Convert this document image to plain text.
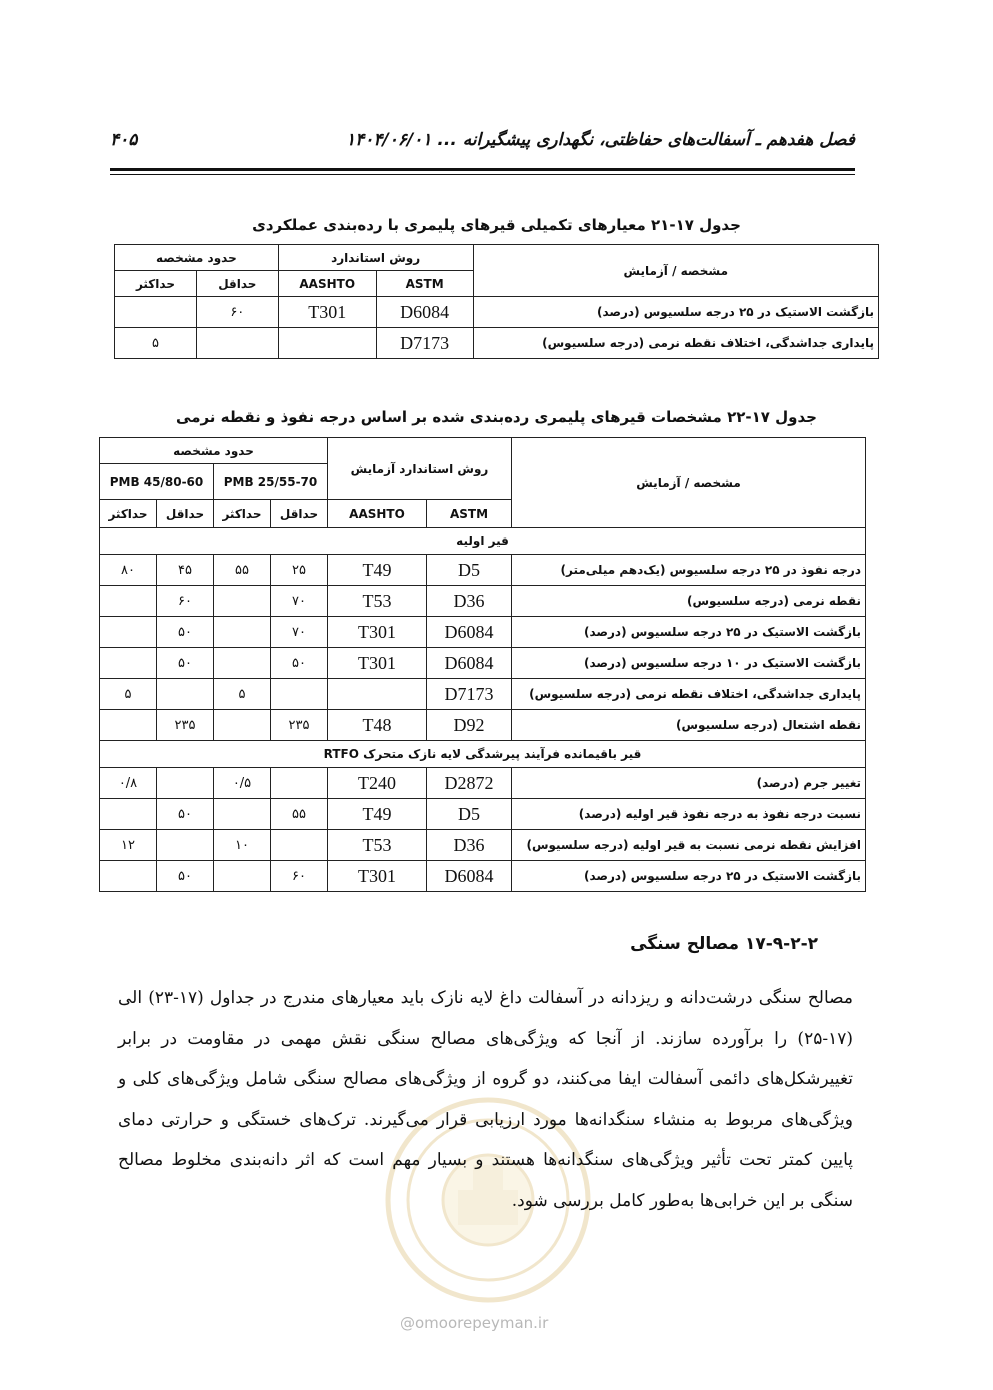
فصل هفدهم ـ آسفالت‌های حفاظتی، نگهداری پیشگیرانه ... ۱۴۰۴/۰۶/۰۱
۴۰۵
جدول ۱۷-۲۱ معیارهای تکمیلی قیرهای پلیمری با رده‌بندی عملکردی
مشخصه / آزمایش	روش استاندارد		حدود مشخصه	
	ASTM	AASHTO	حداقل	حداکثر
بازگشت الاستیک در ۲۵ درجه سلسیوس (درصد)	D6084	T301	۶۰	
پایداری جداشدگی، اختلاف نقطه نرمی (درجه سلسیوس)	D7173			۵
جدول ۱۷-۲۲ مشخصات قیرهای پلیمری رده‌بندی شده بر اساس درجه نفوذ و نقطه نرمی
مشخصه / آزمایش	روش استاندارد آزمایش		حدود مشخصه			
			PMB 25/55-70		PMB 45/80-60	
	ASTM	AASHTO	حداقل	حداکثر	حداقل	حداکثر
قیر اولیه						
درجه نفوذ در ۲۵ درجه سلسیوس (یک‌دهم میلی‌متر)	D5	T49	۲۵	۵۵	۴۵	۸۰
نقطه نرمی (درجه سلسیوس)	D36	T53	۷۰		۶۰	
بازگشت الاستیک در ۲۵ درجه سلسیوس (درصد)	D6084	T301	۷۰		۵۰	
بازگشت الاستیک در ۱۰ درجه سلسیوس (درصد)	D6084	T301	۵۰		۵۰	
پایداری جداشدگی، اختلاف نقطه نرمی (درجه سلسیوس)	D7173			۵		۵
نقطه اشتعال (درجه سلسیوس)	D92	T48	۲۳۵		۲۳۵	
قیر باقیمانده فرآیند پیرشدگی لایه نازک متحرک RTFO						
تغییر جرم (درصد)	D2872	T240		۰/۵		۰/۸
نسبت درجه نفوذ به درجه نفوذ قیر اولیه (درصد)	D5	T49	۵۵		۵۰	
افزایش نقطه نرمی نسبت به قیر اولیه (درجه سلسیوس)	D36	T53		۱۰		۱۲
بازگشت الاستیک در ۲۵ درجه سلسیوس (درصد)	D6084	T301	۶۰		۵۰	
۱۷-۹-۲-۲ مصالح سنگی
مصالح سنگی درشت‌دانه و ریزدانه در آسفالت داغ لایه نازک باید معیارهای مندرج در جداول (۱۷-۲۳) الی (۱۷-۲۵) را برآورده سازند. از آنجا که ویژگی‌های مصالح سنگی نقش مهمی در مقاومت در برابر تغییرشکل‌های دائمی آسفالت ایفا می‌کنند، دو گروه از ویژگی‌های مصالح سنگی شامل ویژگی‌های کلی و ویژگی‌های مربوط به منشاء سنگدانه‌ها مورد ارزیابی قرار می‌گیرند. ترک‌های خستگی و حرارتی دمای پایین کمتر تحت تأثیر ویژگی‌های سنگدانه‌ها هستند و بسیار مهم است که اثر دانه‌بندی مخلوط مصالح سنگی بر این خرابی‌ها به‌طور کامل بررسی شود.
@omoorepeyman.ir
